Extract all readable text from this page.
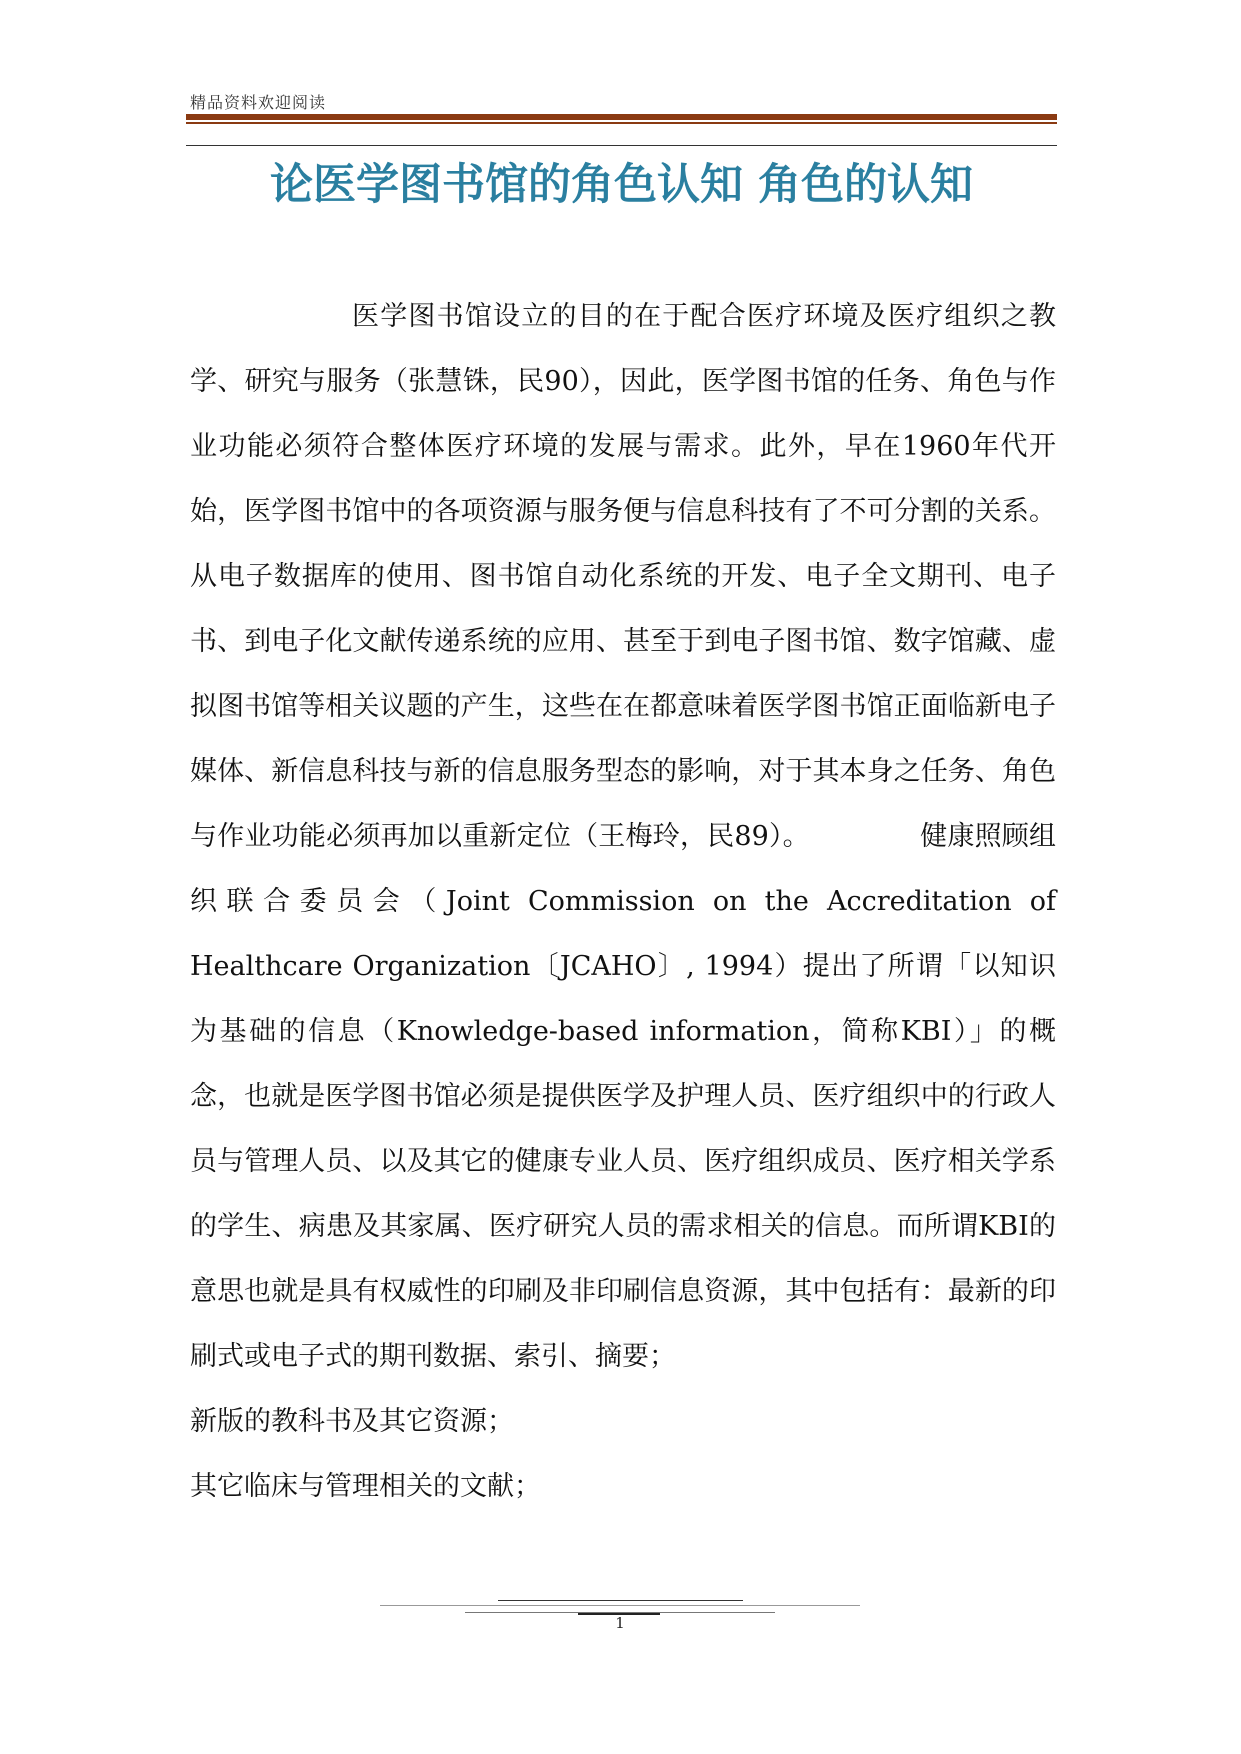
精品资料欢迎阅读
论医学图书馆的角色认知 角色的认知

医学图书馆设立的目的在于配合医疗环境及医疗组织之教学、研究与服务（张慧铢，民90），因此，医学图书馆的任务、角色与作业功能必须符合整体医疗环境的发展与需求。此外，早在1960年代开始，医学图书馆中的各项资源与服务便与信息科技有了不可分割的关系。从电子数据库的使用、图书馆自动化系统的开发、电子全文期刊、电子书、到电子化文献传递系统的应用、甚至于到电子图书馆、数字馆藏、虚拟图书馆等相关议题的产生，这些在在都意味着医学图书馆正面临新电子媒体、新信息科技与新的信息服务型态的影响，对于其本身之任务、角色与作业功能必须再加以重新定位（王梅玲，民89）。	健康照顾组织联合委员会（Joint Commission on the Accreditation of Healthcare Organization〔JCAHO〕, 1994）提出了所谓「以知识为基础的信息（Knowledge-based information，简称KBI）」的概念，也就是医学图书馆必须是提供医学及护理人员、医疗组织中的行政人员与管理人员、以及其它的健康专业人员、医疗组织成员、医疗相关学系的学生、病患及其家属、医疗研究人员的需求相关的信息。而所谓KBI的意思也就是具有权威性的印刷及非印刷信息资源，其中包括有：最新的印刷式或电子式的期刊数据、索引、摘要；

新版的教科书及其它资源；

其它临床与管理相关的文献；

1
